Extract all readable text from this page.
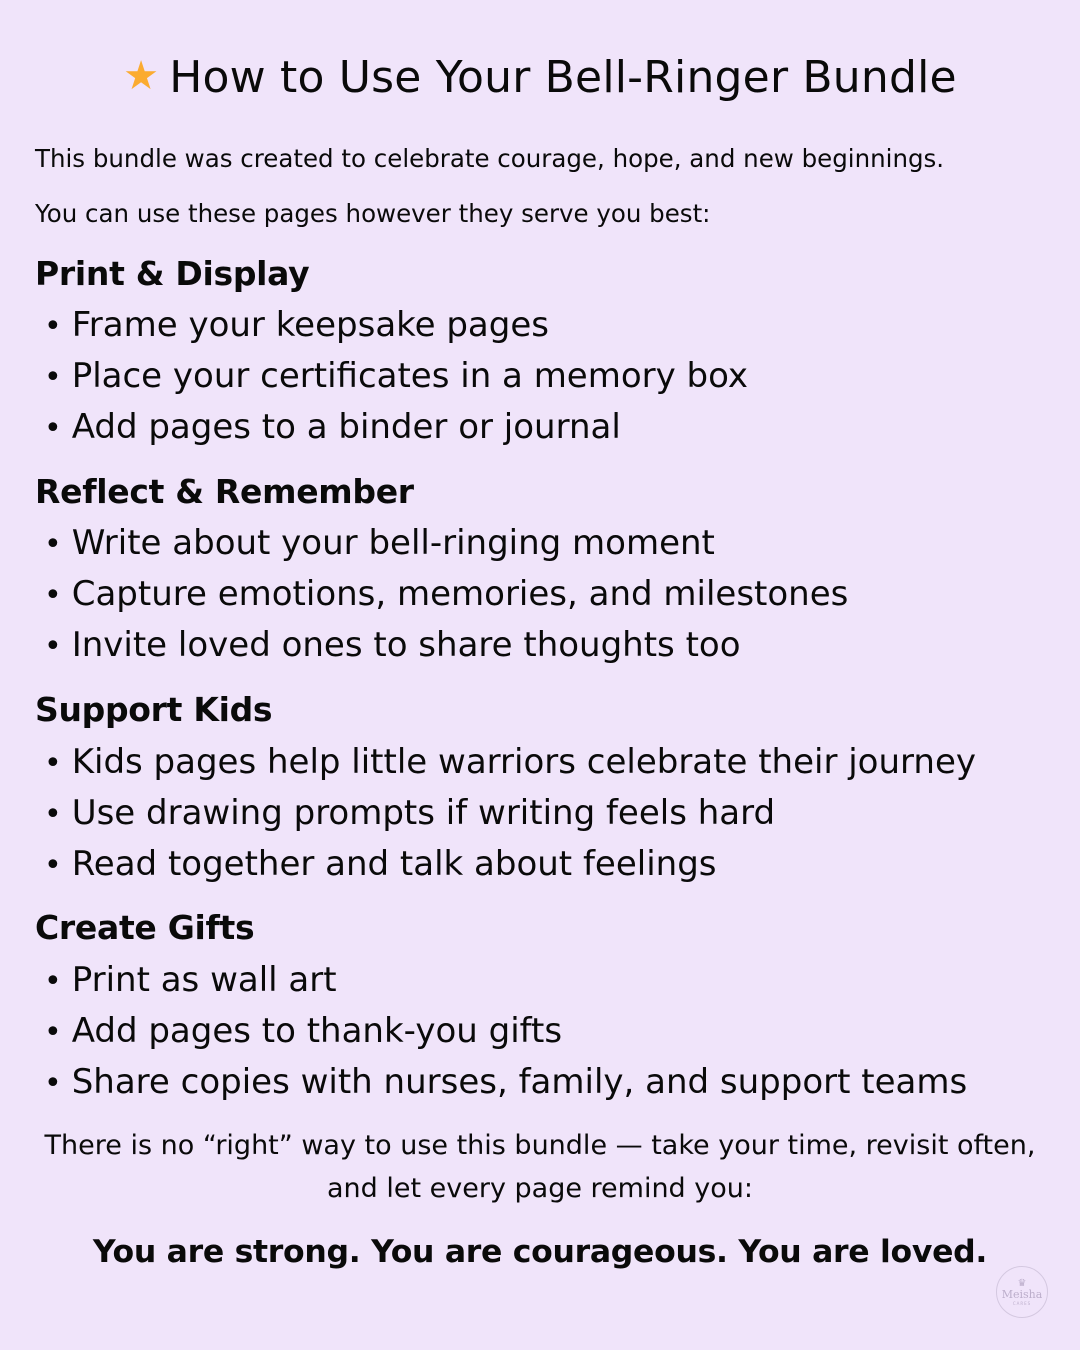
★ How to Use Your Bell-Ringer Bundle
This bundle was created to celebrate courage, hope, and new beginnings.
You can use these pages however they serve you best:
Print & Display
• Frame your keepsake pages
• Place your certificates in a memory box
• Add pages to a binder or journal
Reflect & Remember
• Write about your bell-ringing moment
• Capture emotions, memories, and milestones
• Invite loved ones to share thoughts too
Support Kids
• Kids pages help little warriors celebrate their journey
• Use drawing prompts if writing feels hard
• Read together and talk about feelings
Create Gifts
• Print as wall art
• Add pages to thank-you gifts
• Share copies with nurses, family, and support teams
There is no “right” way to use this bundle — take your time, revisit often, and let every page remind you:
You are strong. You are courageous. You are loved.
♛
Meisha
CARES
